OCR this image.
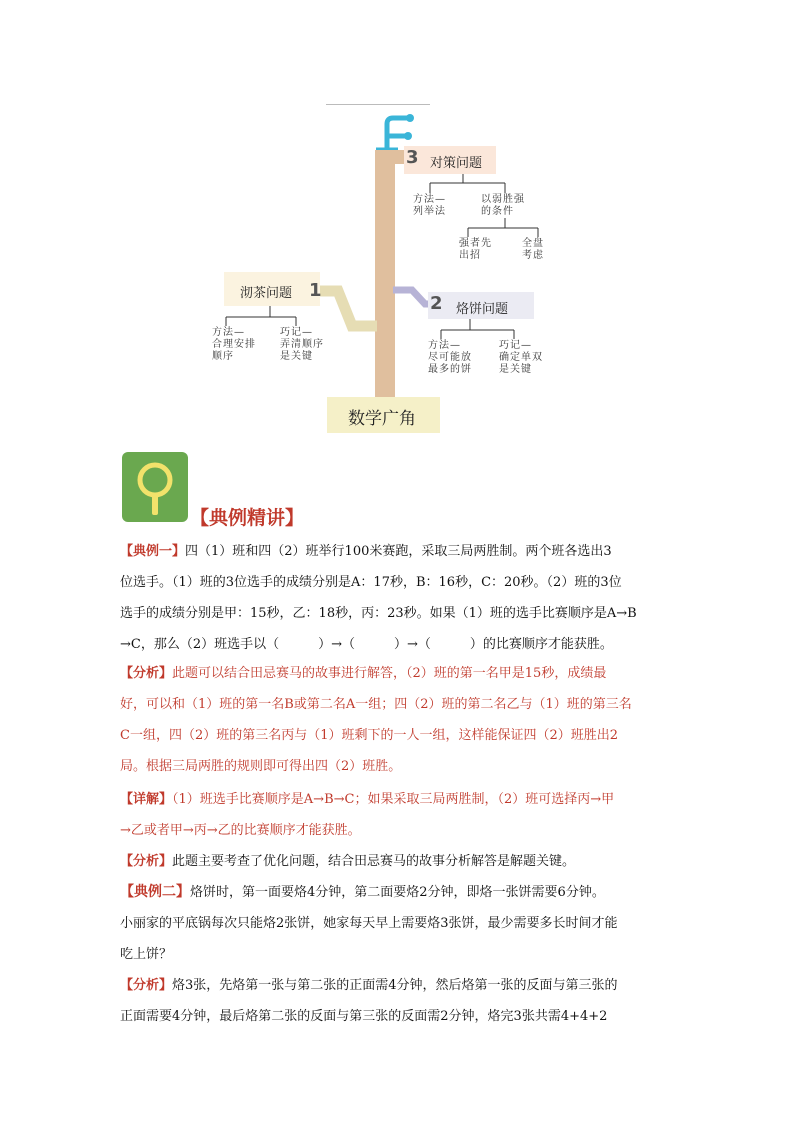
3 对策问题
方法—
列举法
以弱胜强
的条件
强者先
出招
全盘
考虑
沏茶问题 1
方法—
合理安排
顺序
巧记—
弄清顺序
是关键
2 烙饼问题
方法—
尽可能放
最多的饼
巧记—
确定单双
是关键
数学广角
【典例精讲】
【典例一】四（1）班和四（2）班举行100米赛跑，采取三局两胜制。两个班各选出3
位选手。（1）班的3位选手的成绩分别是A：17秒，B：16秒，C：20秒。（2）班的3位
选手的成绩分别是甲：15秒，乙：18秒，丙：23秒。如果（1）班的选手比赛顺序是A→B
→C，那么（2）班选手以（　　　）→（　　　）→（　　　）的比赛顺序才能获胜。
【分析】此题可以结合田忌赛马的故事进行解答，（2）班的第一名甲是15秒，成绩最
好，可以和（1）班的第一名B或第二名A一组；四（2）班的第二名乙与（1）班的第三名
C一组，四（2）班的第三名丙与（1）班剩下的一人一组，这样能保证四（2）班胜出2
局。根据三局两胜的规则即可得出四（2）班胜。
【详解】（1）班选手比赛顺序是A→B→C；如果采取三局两胜制，（2）班可选择丙→甲
→乙或者甲→丙→乙的比赛顺序才能获胜。
【分析】此题主要考查了优化问题，结合田忌赛马的故事分析解答是解题关键。
【典例二】烙饼时，第一面要烙4分钟，第二面要烙2分钟，即烙一张饼需要6分钟。
小丽家的平底锅每次只能烙2张饼，她家每天早上需要烙3张饼，最少需要多长时间才能
吃上饼？
【分析】烙3张，先烙第一张与第二张的正面需4分钟，然后烙第一张的反面与第三张的
正面需要4分钟，最后烙第二张的反面与第三张的反面需2分钟，烙完3张共需4+4+2
